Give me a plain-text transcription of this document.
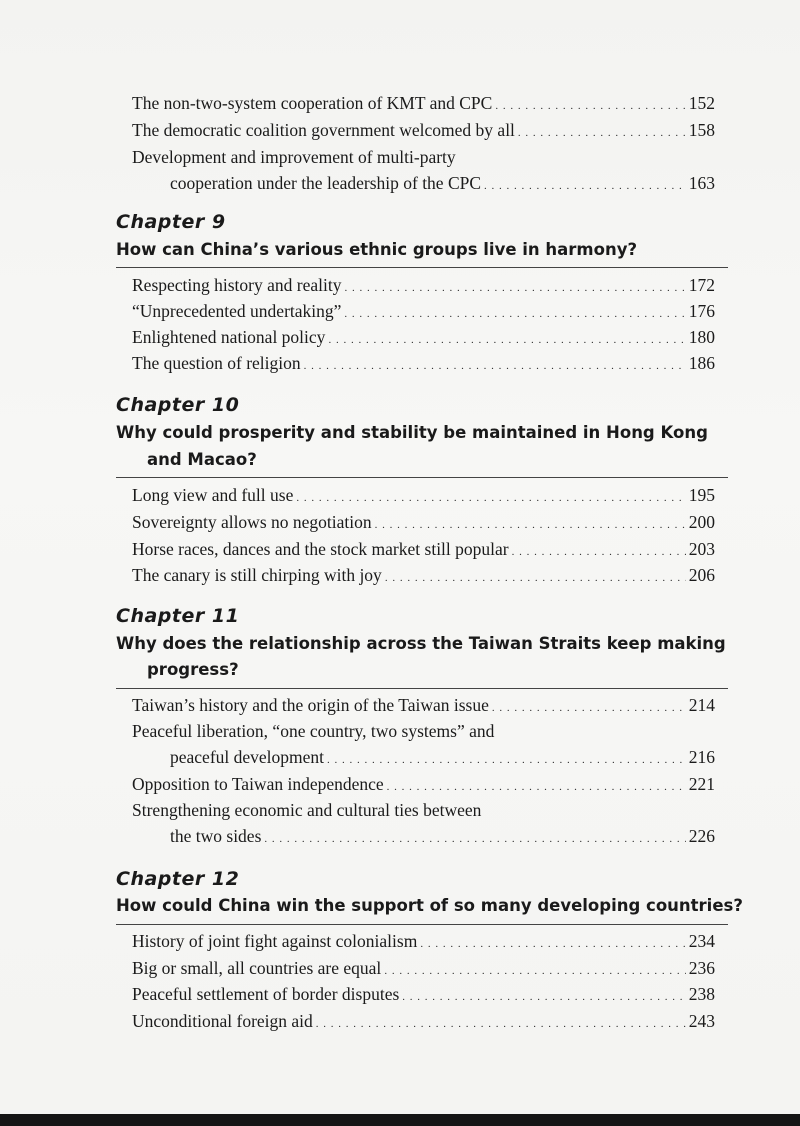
The non-two-system cooperation of KMT and CPC . . .	152
The democratic coalition government welcomed by all . . .	158
Development and improvement of multi-party
cooperation under the leadership of the CPC . . .	163
Chapter 9
How can China’s various ethnic groups live in harmony?
Respecting history and reality . . .	172
“Unprecedented undertaking” . . .	176
Enlightened national policy . . .	180
The question of religion . . .	186
Chapter 10
Why could prosperity and stability be maintained in Hong Kong
and Macao?
Long view and full use . . .	195
Sovereignty allows no negotiation . . .	200
Horse races, dances and the stock market still popular . . .	203
The canary is still chirping with joy . . .	206
Chapter 11
Why does the relationship across the Taiwan Straits keep making
progress?
Taiwan’s history and the origin of the Taiwan issue . . .	214
Peaceful liberation, “one country, two systems” and
peaceful development . . .	216
Opposition to Taiwan independence . . .	221
Strengthening economic and cultural ties between
the two sides . . .	226
Chapter 12
How could China win the support of so many developing countries?
History of joint fight against colonialism . . .	234
Big or small, all countries are equal . . .	236
Peaceful settlement of border disputes . . .	238
Unconditional foreign aid . . .	243
